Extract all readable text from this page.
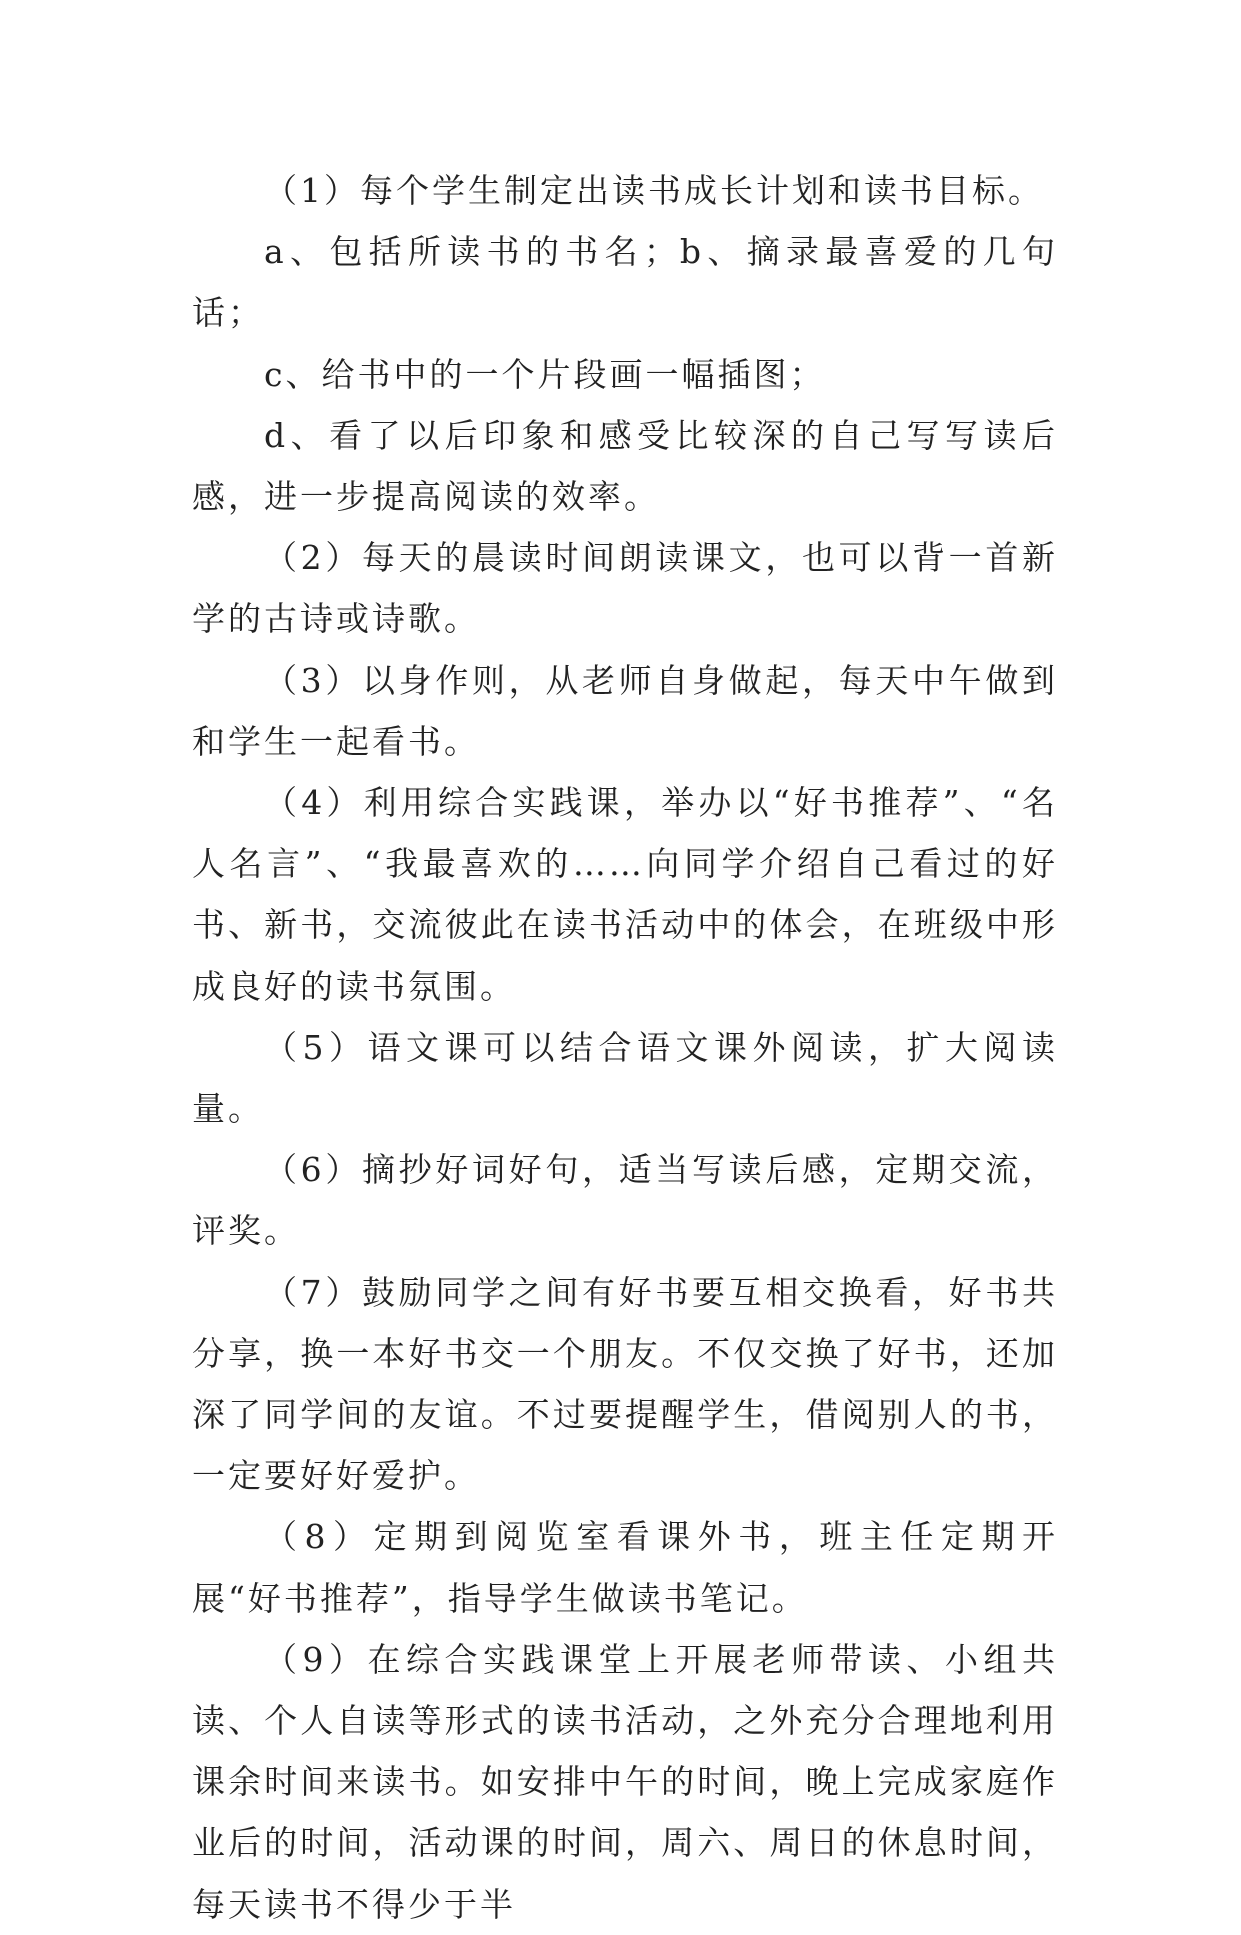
（1）每个学生制定出读书成长计划和读书目标。

a、包括所读书的书名；b、摘录最喜爱的几句话；

c、给书中的一个片段画一幅插图；

d、看了以后印象和感受比较深的自己写写读后感，进一步提高阅读的效率。

（2）每天的晨读时间朗读课文，也可以背一首新学的古诗或诗歌。

（3）以身作则，从老师自身做起，每天中午做到和学生一起看书。

（4）利用综合实践课，举办以“好书推荐”、“名人名言”、“我最喜欢的……向同学介绍自己看过的好书、新书，交流彼此在读书活动中的体会，在班级中形成良好的读书氛围。

（5）语文课可以结合语文课外阅读，扩大阅读量。

（6）摘抄好词好句，适当写读后感，定期交流，评奖。

（7）鼓励同学之间有好书要互相交换看，好书共分享，换一本好书交一个朋友。不仅交换了好书，还加深了同学间的友谊。不过要提醒学生，借阅别人的书，一定要好好爱护。

（8）定期到阅览室看课外书，班主任定期开展“好书推荐”，指导学生做读书笔记。

（9）在综合实践课堂上开展老师带读、小组共读、个人自读等形式的读书活动，之外充分合理地利用课余时间来读书。如安排中午的时间，晚上完成家庭作业后的时间，活动课的时间，周六、周日的休息时间，每天读书不得少于半
